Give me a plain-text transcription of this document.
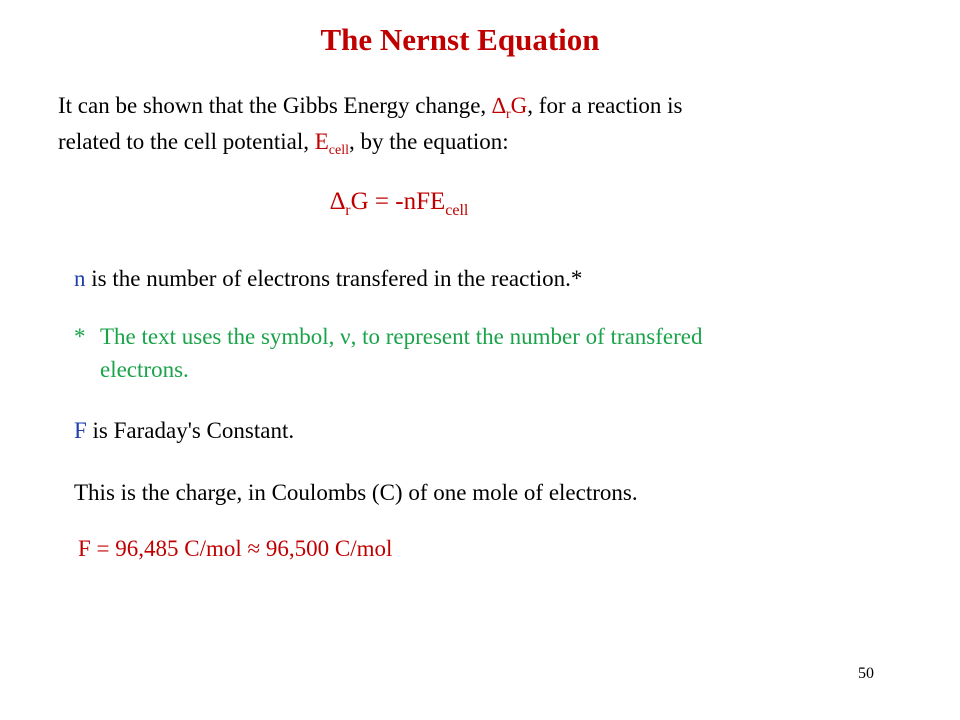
The Nernst Equation
It can be shown that the Gibbs Energy change, $\Delta_rG$, for a reaction is
related to the cell potential, $E_{cell}$, by the equation:
$\Delta_rG = -nFE_{cell}$
n is the number of electrons transfered in the reaction.*
* The text uses the symbol, ν, to represent the number of transfered
electrons.
F is Faraday's Constant.
This is the charge, in Coulombs (C) of one mole of electrons.
F = 96,485 C/mol ≈ 96,500 C/mol
50
